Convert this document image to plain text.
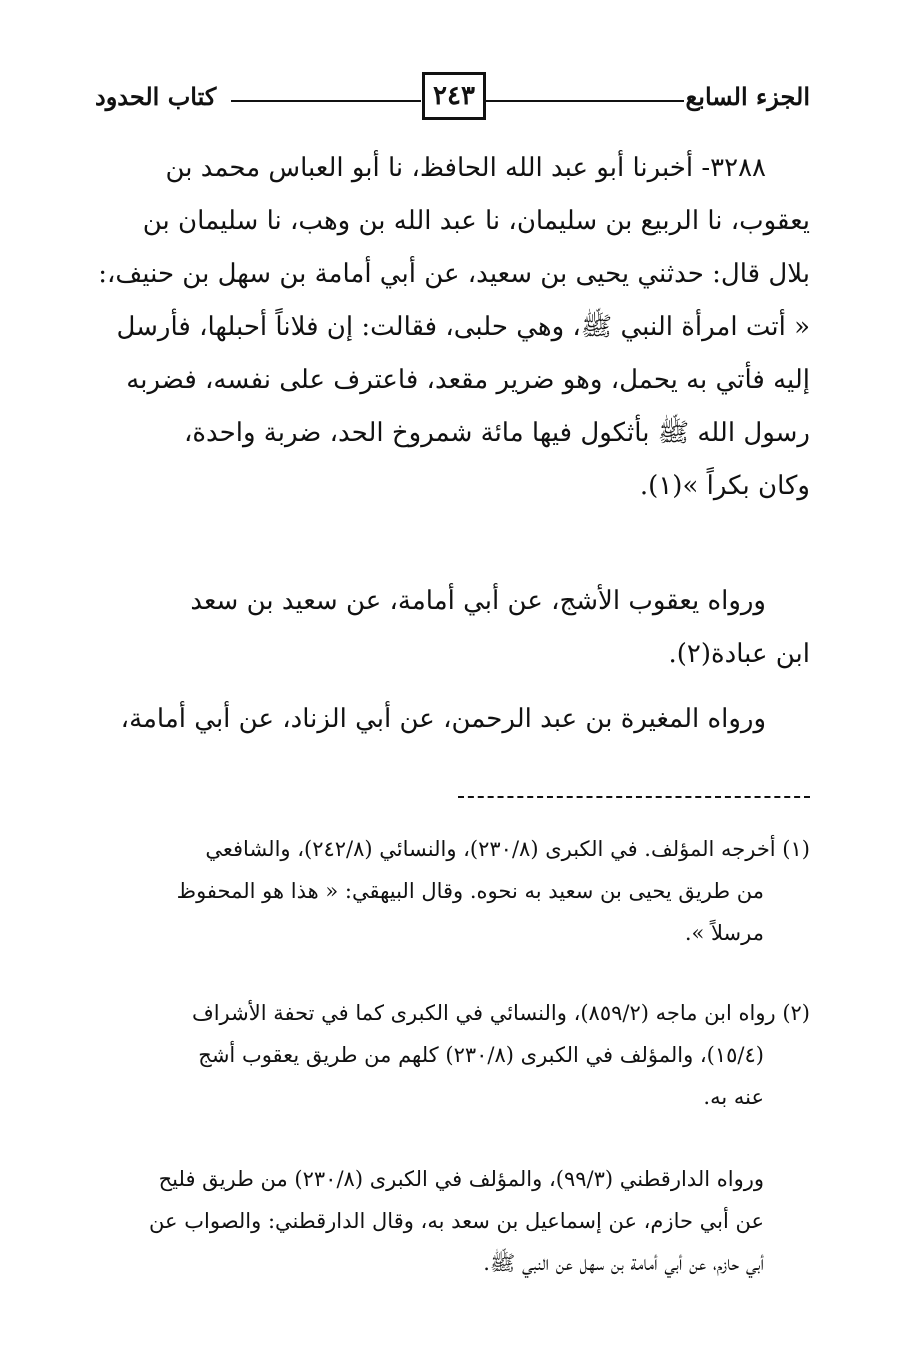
الجزء السابع
٢٤٣
كتاب الحدود
٣٢٨٨- أخبرنا أبو عبد الله الحافظ، نا أبو العباس محمد بن
يعقوب، نا الربيع بن سليمان، نا عبد الله بن وهب، نا سليمان بن
بلال قال: حدثني يحيى بن سعيد، عن أبي أمامة بن سهل بن حنيف،:
« أتت امرأة النبي ﷺ، وهي حلبى، فقالت: إن فلاناً أحبلها، فأرسل
إليه فأتي به يحمل، وهو ضرير مقعد، فاعترف على نفسه، فضربه
رسول الله ﷺ بأثكول فيها مائة شمروخ الحد، ضربة واحدة،
وكان بكراً »(١).
ورواه يعقوب الأشج، عن أبي أمامة، عن سعيد بن سعد
ابن عبادة(٢).
ورواه المغيرة بن عبد الرحمن، عن أبي الزناد، عن أبي أمامة،
(١) أخرجه المؤلف. في الكبرى (٢٣٠/٨)، والنسائي (٢٤٢/٨)، والشافعي
من طريق يحيى بن سعيد به نحوه. وقال البيهقي: « هذا هو المحفوظ
مرسلاً ».
(٢) رواه ابن ماجه (٨٥٩/٢)، والنسائي في الكبرى كما في تحفة الأشراف
(١٥/٤)، والمؤلف في الكبرى (٢٣٠/٨) كلهم من طريق يعقوب أشج
عنه به.
ورواه الدارقطني (٩٩/٣)، والمؤلف في الكبرى (٢٣٠/٨) من طريق فليح
عن أبي حازم، عن إسماعيل بن سعد به، وقال الدارقطني: والصواب عن
أبي حازم، عن أبي أمامة بن سهل عن النبي ﷺ.
